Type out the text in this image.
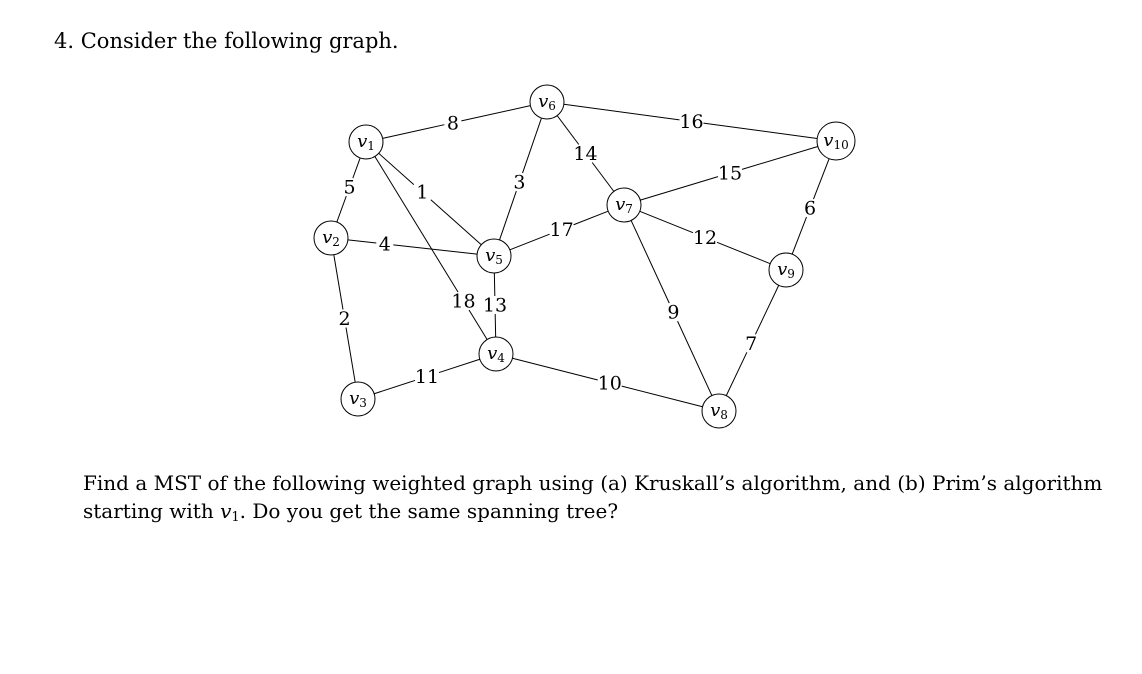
4. Consider the following graph.
8	16
5	1
18
3
14
15
6
4
17	12
2
13	9
7
11	10
v1
v2
v3
v4
v5
v6
v7
v8
v9
v10

Find a MST of the following weighted graph using (a) Kruskall’s algorithm, and (b) Prim’s algorithm

starting with v1. Do you get the same spanning tree?
